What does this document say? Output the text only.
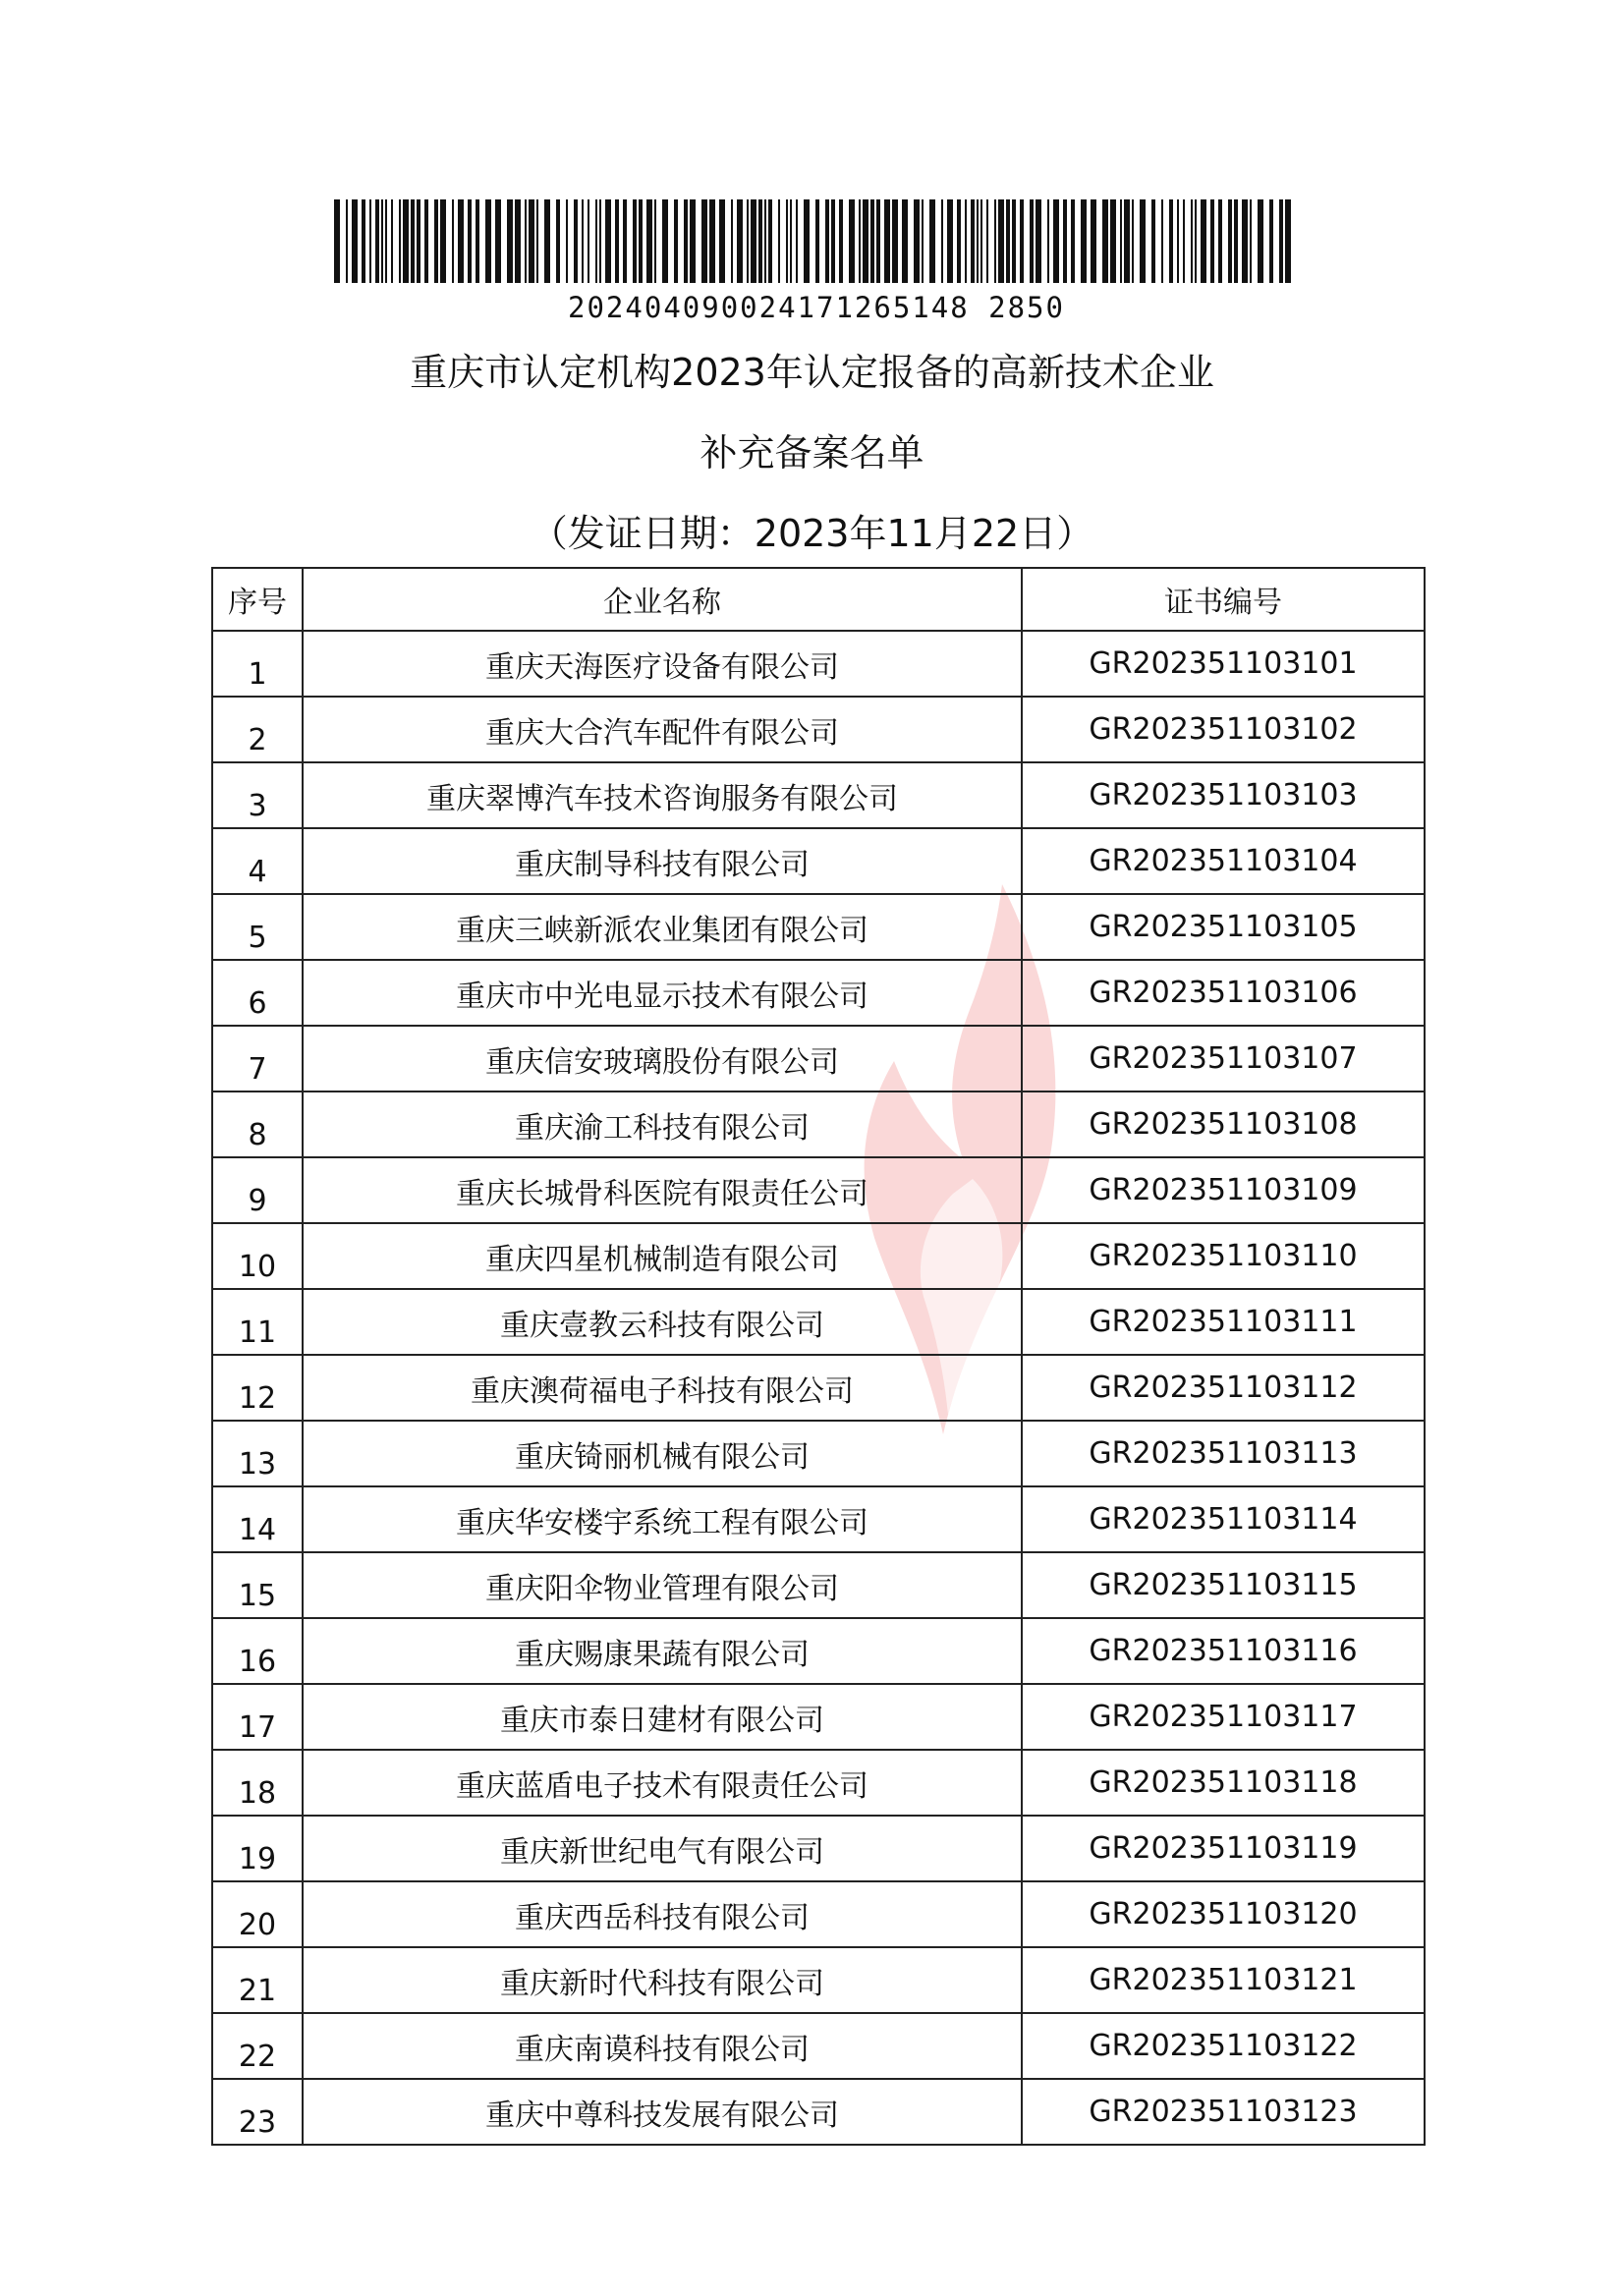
202404090024171265148 2850
重庆市认定机构2023年认定报备的高新技术企业
补充备案名单
（发证日期：2023年11月22日）
序号	企业名称	证书编号
1	重庆天海医疗设备有限公司	GR202351103101
2	重庆大合汽车配件有限公司	GR202351103102
3	重庆翠博汽车技术咨询服务有限公司	GR202351103103
4	重庆制导科技有限公司	GR202351103104
5	重庆三峡新派农业集团有限公司	GR202351103105
6	重庆市中光电显示技术有限公司	GR202351103106
7	重庆信安玻璃股份有限公司	GR202351103107
8	重庆渝工科技有限公司	GR202351103108
9	重庆长城骨科医院有限责任公司	GR202351103109
10	重庆四星机械制造有限公司	GR202351103110
11	重庆壹教云科技有限公司	GR202351103111
12	重庆澳荷福电子科技有限公司	GR202351103112
13	重庆锜丽机械有限公司	GR202351103113
14	重庆华安楼宇系统工程有限公司	GR202351103114
15	重庆阳伞物业管理有限公司	GR202351103115
16	重庆赐康果蔬有限公司	GR202351103116
17	重庆市泰日建材有限公司	GR202351103117
18	重庆蓝盾电子技术有限责任公司	GR202351103118
19	重庆新世纪电气有限公司	GR202351103119
20	重庆西岳科技有限公司	GR202351103120
21	重庆新时代科技有限公司	GR202351103121
22	重庆南谟科技有限公司	GR202351103122
23	重庆中尊科技发展有限公司	GR202351103123
